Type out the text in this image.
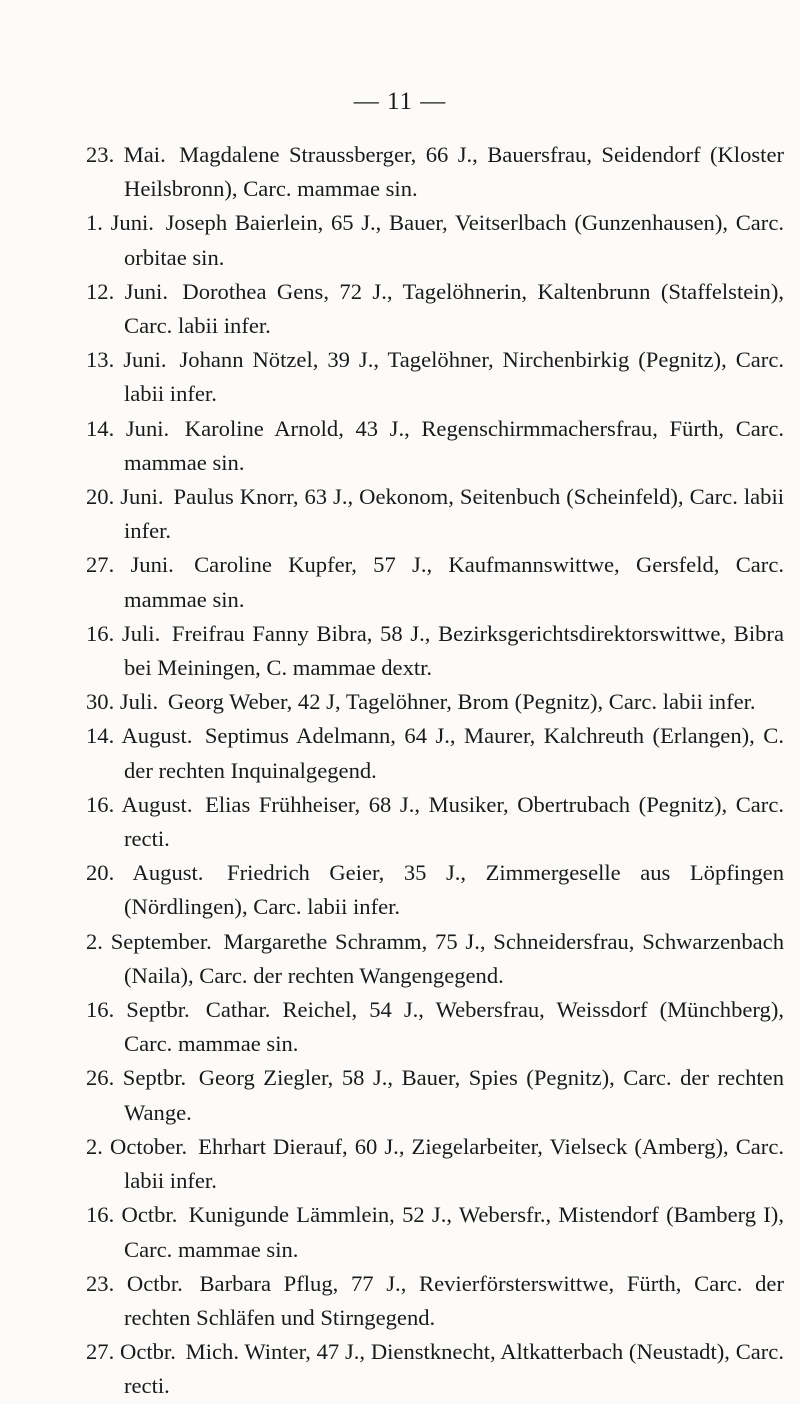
— 11 —
23. Mai. Magdalene Straussberger, 66 J., Bauersfrau, Seidendorf (Kloster Heilsbronn), Carc. mammae sin.
1. Juni. Joseph Baierlein, 65 J., Bauer, Veitserlbach (Gunzenhausen), Carc. orbitae sin.
12. Juni. Dorothea Gens, 72 J., Tagelöhnerin, Kaltenbrunn (Staffelstein), Carc. labii infer.
13. Juni. Johann Nötzel, 39 J., Tagelöhner, Nirchenbirkig (Pegnitz), Carc. labii infer.
14. Juni. Karoline Arnold, 43 J., Regenschirmmachersfrau, Fürth, Carc. mammae sin.
20. Juni. Paulus Knorr, 63 J., Oekonom, Seitenbuch (Scheinfeld), Carc. labii infer.
27. Juni. Caroline Kupfer, 57 J., Kaufmannswittwe, Gersfeld, Carc. mammae sin.
16. Juli. Freifrau Fanny Bibra, 58 J., Bezirksgerichtsdirektorswittwe, Bibra bei Meiningen, C. mammae dextr.
30. Juli. Georg Weber, 42 J, Tagelöhner, Brom (Pegnitz), Carc. labii infer.
14. August. Septimus Adelmann, 64 J., Maurer, Kalchreuth (Erlangen), C. der rechten Inquinalgegend.
16. August. Elias Frühheiser, 68 J., Musiker, Obertrubach (Pegnitz), Carc. recti.
20. August. Friedrich Geier, 35 J., Zimmergeselle aus Löpfingen (Nördlingen), Carc. labii infer.
2. September. Margarethe Schramm, 75 J., Schneidersfrau, Schwarzenbach (Naila), Carc. der rechten Wangengegend.
16. Septbr. Cathar. Reichel, 54 J., Webersfrau, Weissdorf (Münchberg), Carc. mammae sin.
26. Septbr. Georg Ziegler, 58 J., Bauer, Spies (Pegnitz), Carc. der rechten Wange.
2. October. Ehrhart Dierauf, 60 J., Ziegelarbeiter, Vielseck (Amberg), Carc. labii infer.
16. Octbr. Kunigunde Lämmlein, 52 J., Webersfr., Mistendorf (Bamberg I), Carc. mammae sin.
23. Octbr. Barbara Pflug, 77 J., Revierförsterswittwe, Fürth, Carc. der rechten Schläfen und Stirngegend.
27. Octbr. Mich. Winter, 47 J., Dienstknecht, Altkatterbach (Neustadt), Carc. recti.
